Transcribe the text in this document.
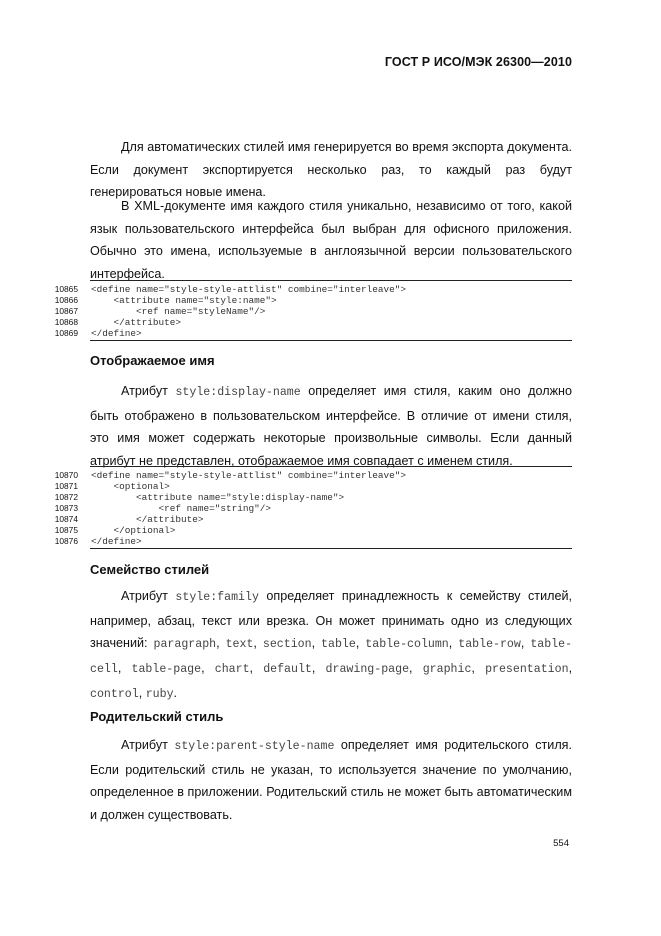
ГОСТ Р ИСО/МЭК 26300—2010

Для автоматических стилей имя генерируется во время экспорта документа. Если документ экспортируется несколько раз, то каждый раз будут генерироваться новые имена.

В XML-документе имя каждого стиля уникально, независимо от того, какой язык пользовательского интерфейса был выбран для офисного приложения. Обычно это имена, используемые в англоязычной версии пользовательского интерфейса.

10865 <define name="style-style-attlist" combine="interleave">
10866 <attribute name="style:name">
10867 <ref name="styleName"/>
10868 </attribute>
10869 </define>
Отображаемое имя

Атрибут style:display-name определяет имя стиля, каким оно должно быть отображено в пользовательском интерфейсе. В отличие от имени стиля, это имя может содержать некоторые произвольные символы. Если данный атрибут не представлен, отображаемое имя совпадает с именем стиля.

10870 <define name="style-style-attlist" combine="interleave">
10871 <optional>
10872 <attribute name="style:display-name">
10873 <ref name="string"/>
10874 </attribute>
10875 </optional>
10876 </define>
Семейство стилей

Атрибут style:family определяет принадлежность к семейству стилей, например, абзац, текст или врезка. Он может принимать одно из следующих значений: paragraph, text, section, table, table-column, table-row, table-cell, table-page, chart, default, drawing-page, graphic, presentation, control, ruby.

Родительский стиль

Атрибут style:parent-style-name определяет имя родительского стиля. Если родительский стиль не указан, то используется значение по умолчанию, определенное в приложении. Родительский стиль не может быть автоматическим и должен существовать.

554
